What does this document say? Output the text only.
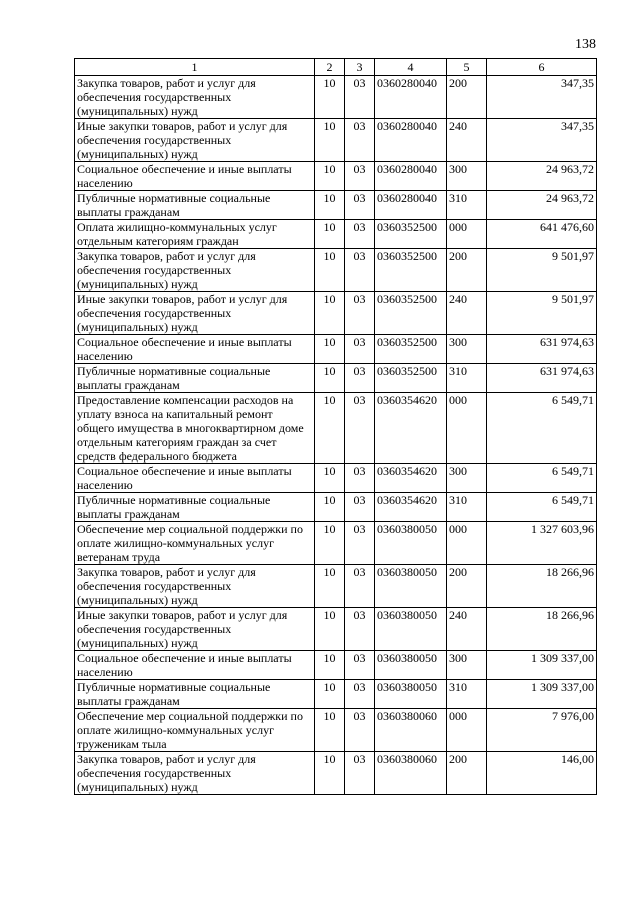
138
1	2	3	4	5	6
Закупка товаров, работ и услуг для обеспечения государственных (муниципальных) нужд	10	03	0360280040	200	347,35
Иные закупки товаров, работ и услуг для обеспечения государственных (муниципальных) нужд	10	03	0360280040	240	347,35
Социальное обеспечение и иные выплаты населению	10	03	0360280040	300	24 963,72
Публичные нормативные социальные выплаты гражданам	10	03	0360280040	310	24 963,72
Оплата жилищно-коммунальных услуг отдельным категориям граждан	10	03	0360352500	000	641 476,60
Закупка товаров, работ и услуг для обеспечения государственных (муниципальных) нужд	10	03	0360352500	200	9 501,97
Иные закупки товаров, работ и услуг для обеспечения государственных (муниципальных) нужд	10	03	0360352500	240	9 501,97
Социальное обеспечение и иные выплаты населению	10	03	0360352500	300	631 974,63
Публичные нормативные социальные выплаты гражданам	10	03	0360352500	310	631 974,63
Предоставление компенсации расходов на уплату взноса на капитальный ремонт общего имущества в многоквартирном доме отдельным категориям граждан за счет средств федерального бюджета	10	03	0360354620	000	6 549,71
Социальное обеспечение и иные выплаты населению	10	03	0360354620	300	6 549,71
Публичные нормативные социальные выплаты гражданам	10	03	0360354620	310	6 549,71
Обеспечение мер социальной поддержки по оплате жилищно-коммунальных услуг ветеранам труда	10	03	0360380050	000	1 327 603,96
Закупка товаров, работ и услуг для обеспечения государственных (муниципальных) нужд	10	03	0360380050	200	18 266,96
Иные закупки товаров, работ и услуг для обеспечения государственных (муниципальных) нужд	10	03	0360380050	240	18 266,96
Социальное обеспечение и иные выплаты населению	10	03	0360380050	300	1 309 337,00
Публичные нормативные социальные выплаты гражданам	10	03	0360380050	310	1 309 337,00
Обеспечение мер социальной поддержки по оплате жилищно-коммунальных услуг труженикам тыла	10	03	0360380060	000	7 976,00
Закупка товаров, работ и услуг для обеспечения государственных (муниципальных) нужд	10	03	0360380060	200	146,00
